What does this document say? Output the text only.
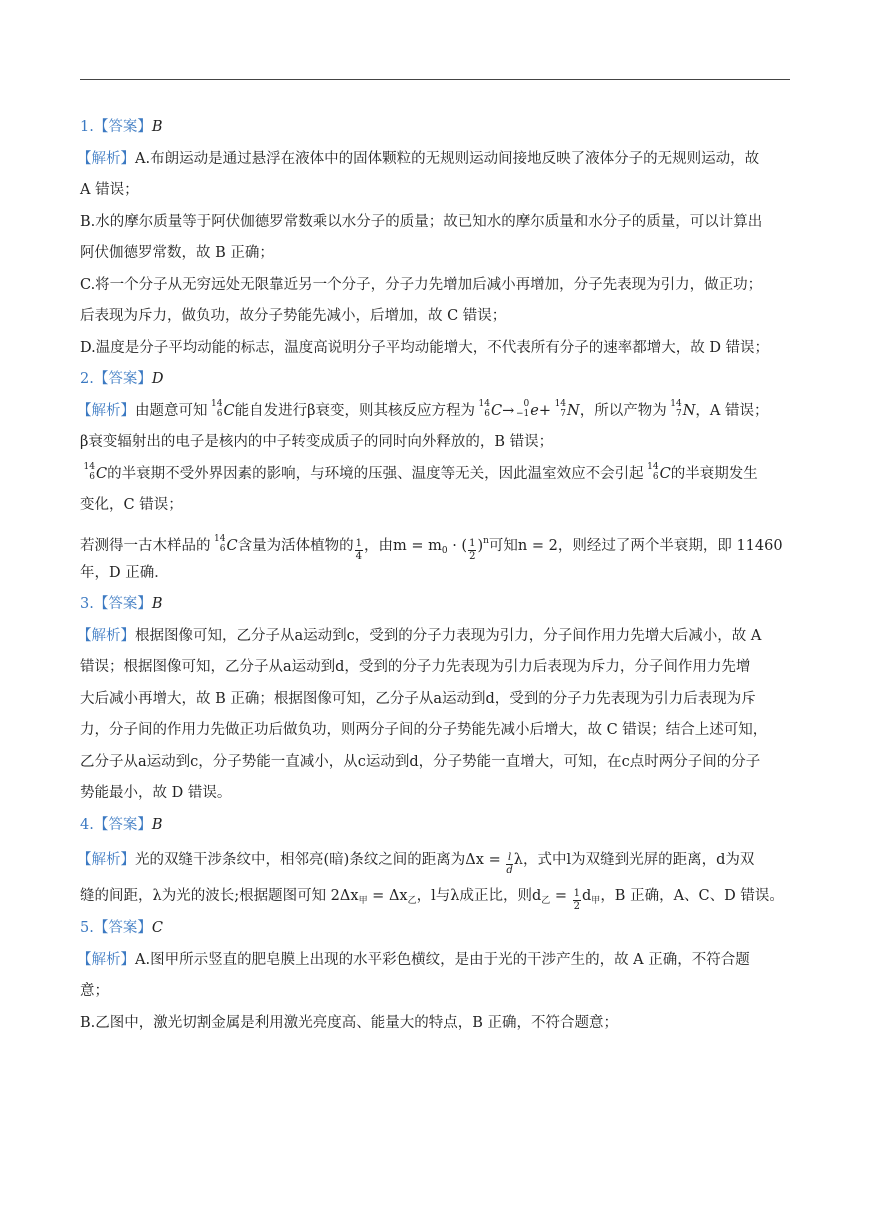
1.【答案】B
【解析】A.布朗运动是通过悬浮在液体中的固体颗粒的无规则运动间接地反映了液体分子的无规则运动，故
A 错误；
B.水的摩尔质量等于阿伏伽德罗常数乘以水分子的质量；故已知水的摩尔质量和水分子的质量，可以计算出
阿伏伽德罗常数，故 B 正确；
C.将一个分子从无穷远处无限靠近另一个分子，分子力先增加后减小再增加，分子先表现为引力，做正功；
后表现为斥力，做负功，故分子势能先减小，后增加，故 C 错误；
D.温度是分子平均动能的标志，温度高说明分子平均动能增大，不代表所有分子的速率都增大，故 D 错误；
2.【答案】D
【解析】由题意可知 14
6 C能自发进行β衰变，则其核反应方程为 14
6 C→ 0
−1 e+ 14
7 N，所以产物为 14
7 N，A 错误；
β衰变辐射出的电子是核内的中子转变成质子的同时向外释放的，B 错误；
14
6 C的半衰期不受外界因素的影响，与环境的压强、温度等无关，因此温室效应不会引起 14
6 C的半衰期发生
变化，C 错误；
若测得一古木样品的 14
6 C含量为活体植物的 $\frac{1}{4}$ ，由$m = m_0$ · ( $\frac{1}{2} )^n$可知n = 2，则经过了两个半衰期，即 11460
年，D 正确．
3.【答案】B
【解析】根据图像可知，乙分子从a运动到c，受到的分子力表现为引力，分子间作用力先增大后减小，故 A
错误；根据图像可知，乙分子从a运动到d，受到的分子力先表现为引力后表现为斥力，分子间作用力先增
大后减小再增大，故 B 正确；根据图像可知，乙分子从a运动到d，受到的分子力先表现为引力后表现为斥
力，分子间的作用力先做正功后做负功，则两分子间的分子势能先减小后增大，故 C 错误；结合上述可知，
乙分子从a运动到c，分子势能一直减小，从c运动到d，分子势能一直增大，可知，在c点时两分子间的分子
势能最小，故 D 错误。
4.【答案】B
【解析】光的双缝干涉条纹中，相邻亮(暗)条纹之间的距离为$\Delta x = \frac{l}{d}$ λ，式中l为双缝到光屏的距离，d为双
缝的间距，λ为光的波长;根据题图可知 $2\Delta x_甲 = \Delta x_乙$，l与λ成正比，则$d_乙 = \frac{1}{2} d_甲$，B 正确，A、C、D 错误。
5.【答案】C
【解析】A.图甲所示竖直的肥皂膜上出现的水平彩色横纹，是由于光的干涉产生的，故 A 正确，不符合题
意；
B.乙图中，激光切割金属是利用激光亮度高、能量大的特点，B 正确，不符合题意；
